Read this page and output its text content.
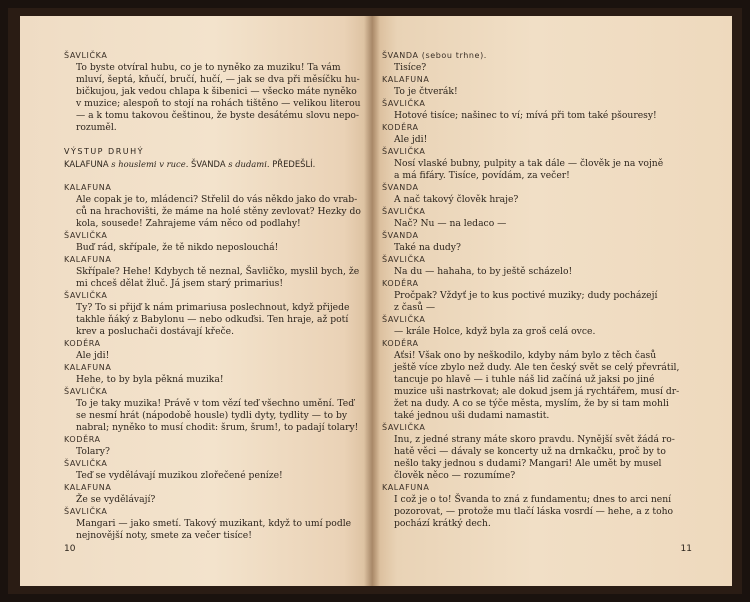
ŠAVLIČKA
To byste otvíral hubu, co je to nyněko za muziku! Ta vám
mluví, šeptá, kňučí, bručí, hučí, — jak se dva při měsíčku hu-
bičkujou, jak vedou chlapa k šibenici — všecko máte nyněko
v muzice; alespoň to stojí na rohách tištěno — velikou literou
— a k tomu takovou češtinou, že byste desátému slovu nepo-
rozuměl.
VÝSTUP DRUHÝ
KALAFUNA s houslemi v ruce. ŠVANDA s dudami. PŘEDEŠLÍ.
KALAFUNA
Ale copak je to, mládenci? Střelil do vás někdo jako do vrab-
ců na hrachovišti, že máme na holé stěny zevlovat? Hezky do
kola, sousede! Zahrajeme vám něco od podlahy!
ŠAVLIČKA
Buď rád, skřípale, že tě nikdo neposlouchá!
KALAFUNA
Skřípale? Hehe! Kdybych tě neznal, Šavličko, myslil bych, že
mi chceš dělat žluč. Já jsem starý primarius!
ŠAVLIČKA
Ty? To si přijď k nám primariusa poslechnout, když přijede
takhle ňáký z Babylonu — nebo odkuďsi. Ten hraje, až potí
krev a posluchači dostávají křeče.
KODĚRA
Ale jdi!
KALAFUNA
Hehe, to by byla pěkná muzika!
ŠAVLIČKA
To je taky muzika! Právě v tom vězí teď všechno umění. Teď
se nesmí hrát (nápodobě housle) tydli dyty, tydlity — to by
nabral; nyněko to musí chodit: šrum, šrum!, to padají tolary!
KODĚRA
Tolary?
ŠAVLIČKA
Teď se vydělávají muzikou zlořečené peníze!
KALAFUNA
Že se vydělávají?
ŠAVLIČKA
Mangari — jako smetí. Takový muzikant, když to umí podle
nejnovější noty, smete za večer tisíce!
10
ŠVANDA (sebou trhne).
Tisíce?
KALAFUNA
To je čtverák!
ŠAVLIČKA
Hotové tisíce; našinec to ví; mívá při tom také pšouresy!
KODĚRA
Ale jdi!
ŠAVLIČKA
Nosí vlaské bubny, pulpity a tak dále — člověk je na vojně
a má fifáry. Tisíce, povídám, za večer!
ŠVANDA
A nač takový člověk hraje?
ŠAVLIČKA
Nač? Nu — na ledaco —
ŠVANDA
Také na dudy?
ŠAVLIČKA
Na du — hahaha, to by ještě scházelo!
KODĚRA
Pročpak? Vždyť je to kus poctivé muziky; dudy pocházejí
z časů —
ŠAVLIČKA
— krále Holce, když byla za groš celá ovce.
KODĚRA
Aťsi! Však ono by neškodilo, kdyby nám bylo z těch časů
ještě více zbylo než dudy. Ale ten český svět se celý převrátil,
tancuje po hlavě — i tuhle náš lid začíná už jaksi po jiné
muzice uši nastrkovat; ale dokud jsem já rychtářem, musí dr-
žet na dudy. A co se týče města, myslím, že by si tam mohli
také jednou uši dudami namastit.
ŠAVLIČKA
Inu, z jedné strany máte skoro pravdu. Nynější svět žádá ro-
hatě věci — dávaly se koncerty už na drnkačku, proč by to
nešlo taky jednou s dudami? Mangari! Ale umět by musel
člověk něco — rozumíme?
KALAFUNA
I což je o to! Švanda to zná z fundamentu; dnes to arci není
pozorovat, — protože mu tlačí láska vosrdí — hehe, a z toho
pochází krátký dech.
11
